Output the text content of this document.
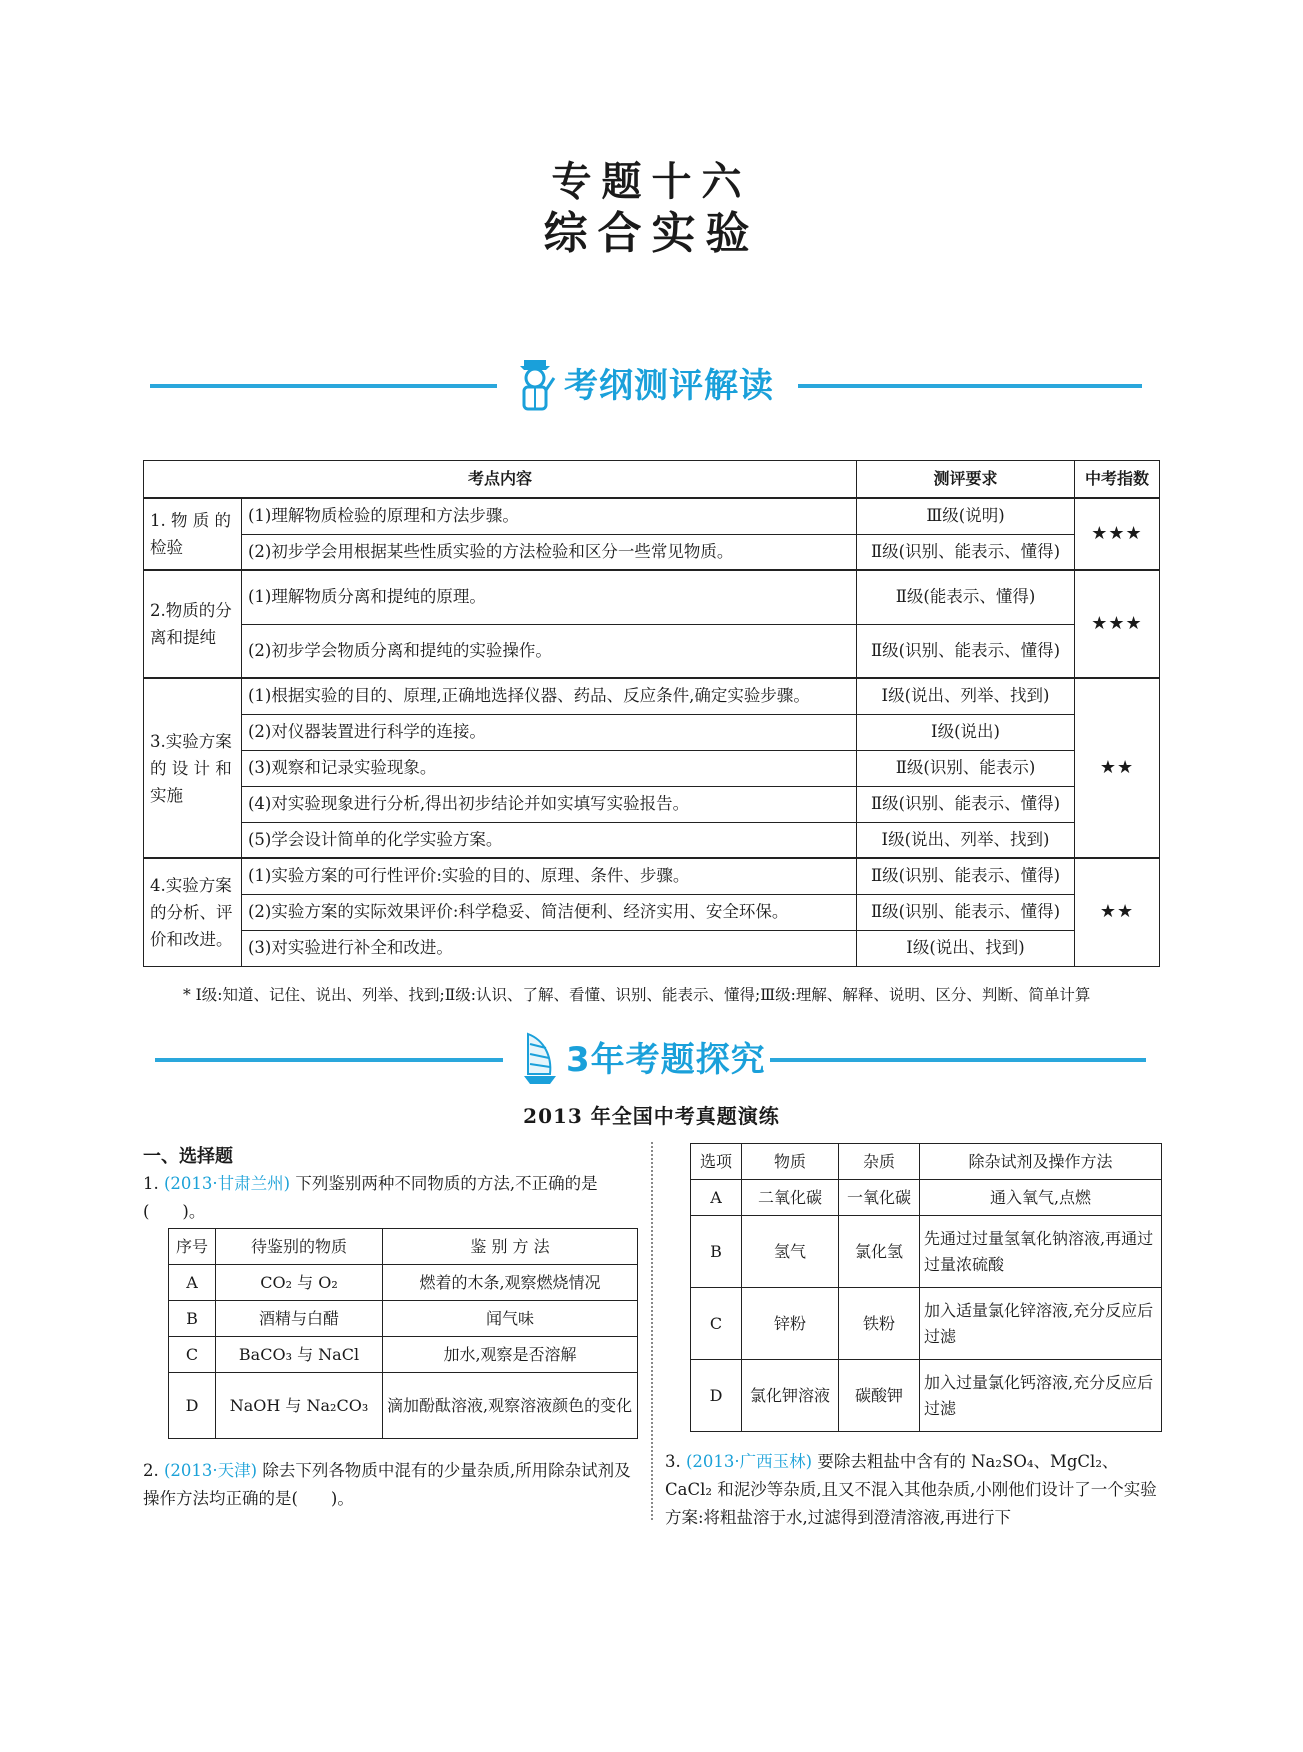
专题十六
综合实验
考纲测评解读
考点内容		测评要求	中考指数
1. 物 质 的检验	(1)理解物质检验的原理和方法步骤。	Ⅲ级(说明)	★★★
	(2)初步学会用根据某些性质实验的方法检验和区分一些常见物质。	Ⅱ级(识别、能表示、懂得)	
2.物质的分离和提纯	(1)理解物质分离和提纯的原理。	Ⅱ级(能表示、懂得)	★★★
	(2)初步学会物质分离和提纯的实验操作。	Ⅱ级(识别、能表示、懂得)	
3.实验方案的 设 计 和实施	(1)根据实验的目的、原理,正确地选择仪器、药品、反应条件,确定实验步骤。	Ⅰ级(说出、列举、找到)	★★
	(2)对仪器装置进行科学的连接。	Ⅰ级(说出)	
	(3)观察和记录实验现象。	Ⅱ级(识别、能表示)	
	(4)对实验现象进行分析,得出初步结论并如实填写实验报告。	Ⅱ级(识别、能表示、懂得)	
	(5)学会设计简单的化学实验方案。	Ⅰ级(说出、列举、找到)	
4.实验方案的分析、评价和改进。	(1)实验方案的可行性评价:实验的目的、原理、条件、步骤。	Ⅱ级(识别、能表示、懂得)	★★
	(2)实验方案的实际效果评价:科学稳妥、简洁便利、经济实用、安全环保。	Ⅱ级(识别、能表示、懂得)	
	(3)对实验进行补全和改进。	Ⅰ级(说出、找到)	
* Ⅰ级:知道、记住、说出、列举、找到;Ⅱ级:认识、了解、看懂、识别、能表示、懂得;Ⅲ级:理解、解释、说明、区分、判断、简单计算
3年考题探究
2013 年全国中考真题演练
一、选择题
1. (2013·甘肃兰州) 下列鉴别两种不同物质的方法,不正确的是(　　)。
序号	待鉴别的物质	鉴 别 方 法
A	CO₂ 与 O₂	燃着的木条,观察燃烧情况
B	酒精与白醋	闻气味
C	BaCO₃ 与 NaCl	加水,观察是否溶解
D	NaOH 与 Na₂CO₃	滴加酚酞溶液,观察溶液颜色的变化
2. (2013·天津) 除去下列各物质中混有的少量杂质,所用除杂试剂及操作方法均正确的是(　　)。
选项	物质	杂质	除杂试剂及操作方法
A	二氧化碳	一氧化碳	通入氧气,点燃
B	氢气	氯化氢	先通过过量氢氧化钠溶液,再通过过量浓硫酸
C	锌粉	铁粉	加入适量氯化锌溶液,充分反应后过滤
D	氯化钾溶液	碳酸钾	加入过量氯化钙溶液,充分反应后过滤
3. (2013·广西玉林) 要除去粗盐中含有的 Na₂SO₄、MgCl₂、CaCl₂ 和泥沙等杂质,且又不混入其他杂质,小刚他们设计了一个实验方案:将粗盐溶于水,过滤得到澄清溶液,再进行下
